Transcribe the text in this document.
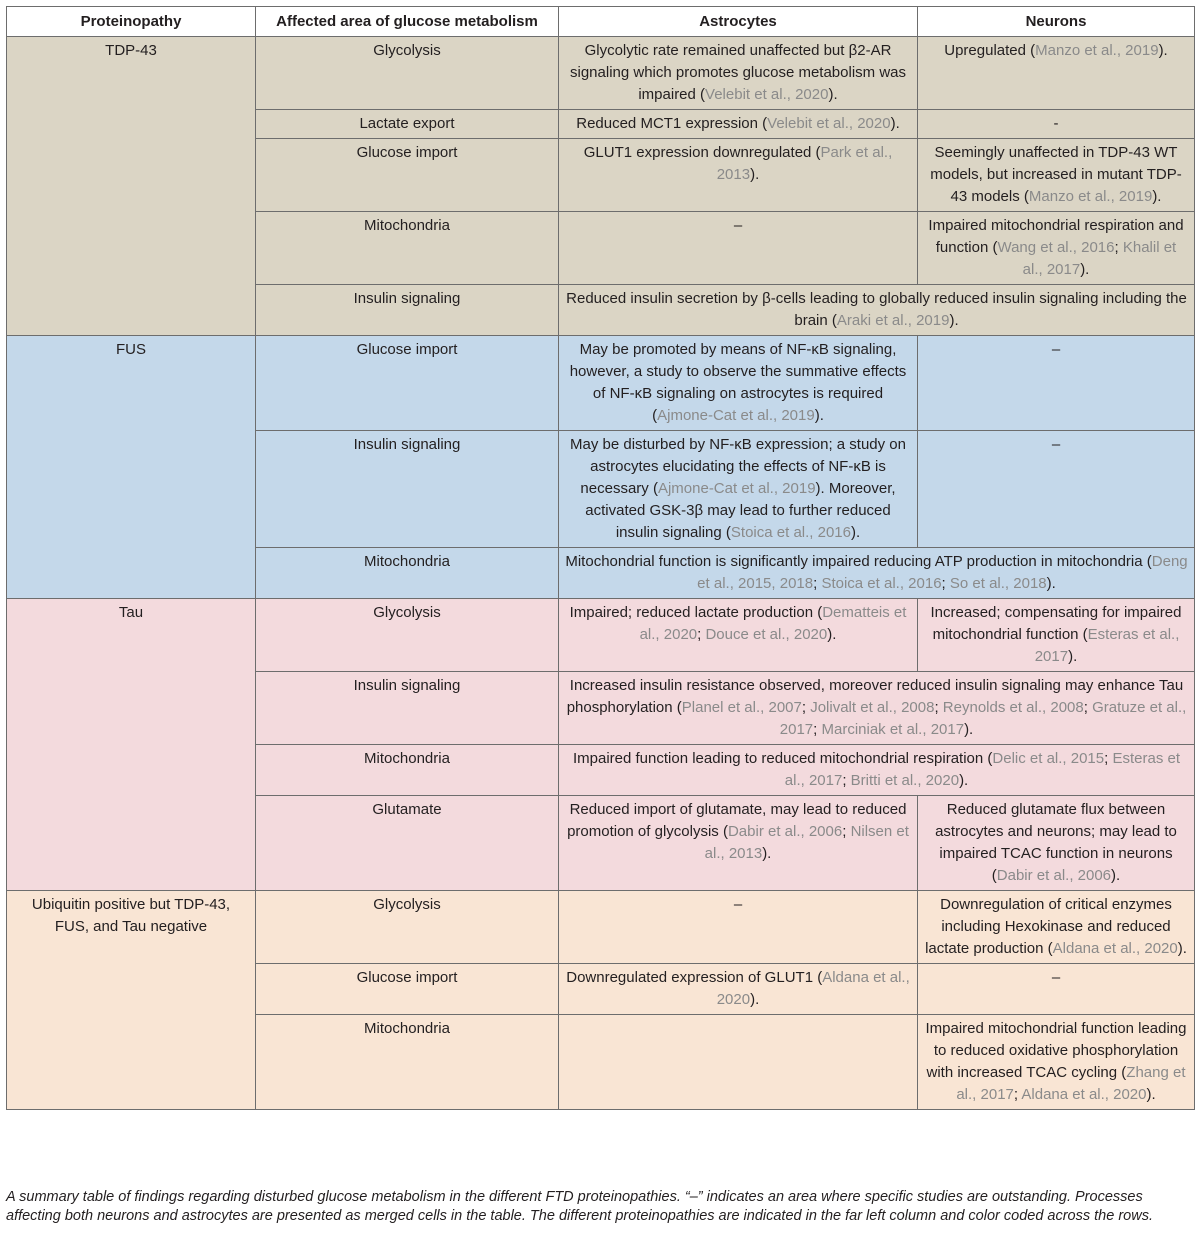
Proteinopathy	Affected area of glucose metabolism	Astrocytes	Neurons
TDP-43	Glycolysis	Glycolytic rate remained unaffected but β2-AR signaling which promotes glucose metabolism was impaired (Velebit et al., 2020).	Upregulated (Manzo et al., 2019).
	Lactate export	Reduced MCT1 expression (Velebit et al., 2020).	-
	Glucose import	GLUT1 expression downregulated (Park et al., 2013).	Seemingly unaffected in TDP-43 WT models, but increased in mutant TDP-43 models (Manzo et al., 2019).
	Mitochondria	–	Impaired mitochondrial respiration and function (Wang et al., 2016; Khalil et al., 2017).
	Insulin signaling	Reduced insulin secretion by β-cells leading to globally reduced insulin signaling including the brain (Araki et al., 2019).	
FUS	Glucose import	May be promoted by means of NF-κB signaling, however, a study to observe the summative effects of NF-κB signaling on astrocytes is required (Ajmone-Cat et al., 2019).	–
	Insulin signaling	May be disturbed by NF-κB expression; a study on astrocytes elucidating the effects of NF-κB is necessary (Ajmone-Cat et al., 2019). Moreover, activated GSK-3β may lead to further reduced insulin signaling (Stoica et al., 2016).	–
	Mitochondria	Mitochondrial function is significantly impaired reducing ATP production in mitochondria (Deng et al., 2015, 2018; Stoica et al., 2016; So et al., 2018).	
Tau	Glycolysis	Impaired; reduced lactate production (Dematteis et al., 2020; Douce et al., 2020).	Increased; compensating for impaired mitochondrial function (Esteras et al., 2017).
	Insulin signaling	Increased insulin resistance observed, moreover reduced insulin signaling may enhance Tau phosphorylation (Planel et al., 2007; Jolivalt et al., 2008; Reynolds et al., 2008; Gratuze et al., 2017; Marciniak et al., 2017).	
	Mitochondria	Impaired function leading to reduced mitochondrial respiration (Delic et al., 2015; Esteras et al., 2017; Britti et al., 2020).	
	Glutamate	Reduced import of glutamate, may lead to reduced promotion of glycolysis (Dabir et al., 2006; Nilsen et al., 2013).	Reduced glutamate flux between astrocytes and neurons; may lead to impaired TCAC function in neurons (Dabir et al., 2006).
Ubiquitin positive but TDP-43, FUS, and Tau negative	Glycolysis	–	Downregulation of critical enzymes including Hexokinase and reduced lactate production (Aldana et al., 2020).
	Glucose import	Downregulated expression of GLUT1 (Aldana et al., 2020).	–
	Mitochondria		Impaired mitochondrial function leading to reduced oxidative phosphorylation with increased TCAC cycling (Zhang et al., 2017; Aldana et al., 2020).
A summary table of findings regarding disturbed glucose metabolism in the different FTD proteinopathies. “–” indicates an area where specific studies are outstanding. Processes affecting both neurons and astrocytes are presented as merged cells in the table. The different proteinopathies are indicated in the far left column and color coded across the rows.
